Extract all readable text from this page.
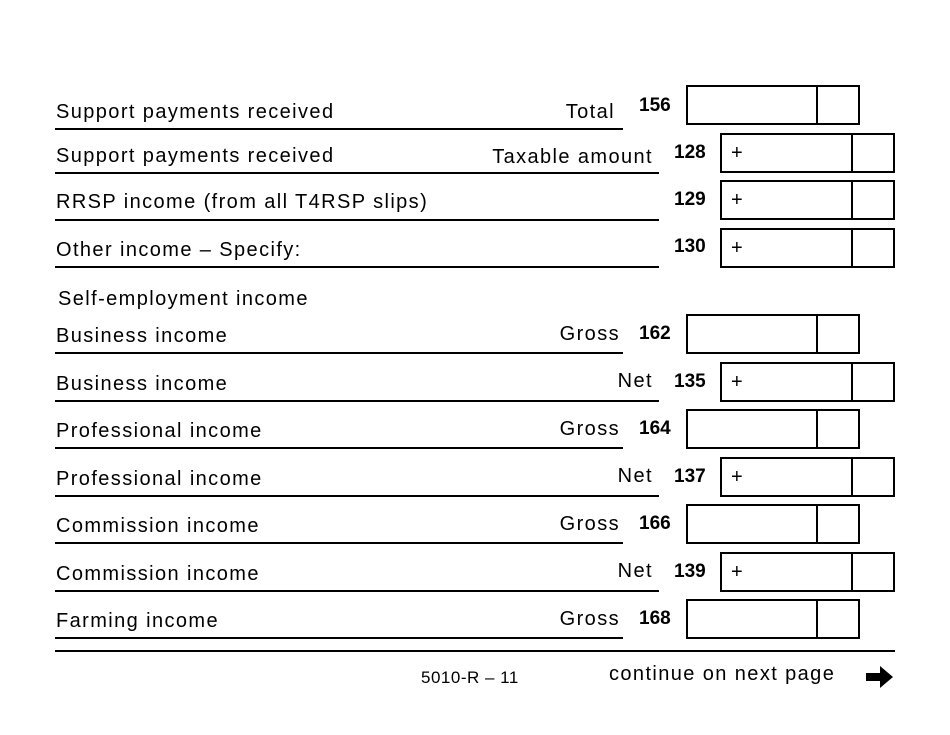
Support payments received	Total 156
Support payments received	Taxable amount 128 +
RRSP income (from all T4RSP slips)	129 +
Other income – Specify:	130 +
Self-employment income
Business income	Gross 162
Business income	Net 135 +
Professional income	Gross 164
Professional income	Net 137 +
Commission income	Gross 166
Commission income	Net 139 +
Farming income	Gross 168
5010-R – 11	continue on next page
